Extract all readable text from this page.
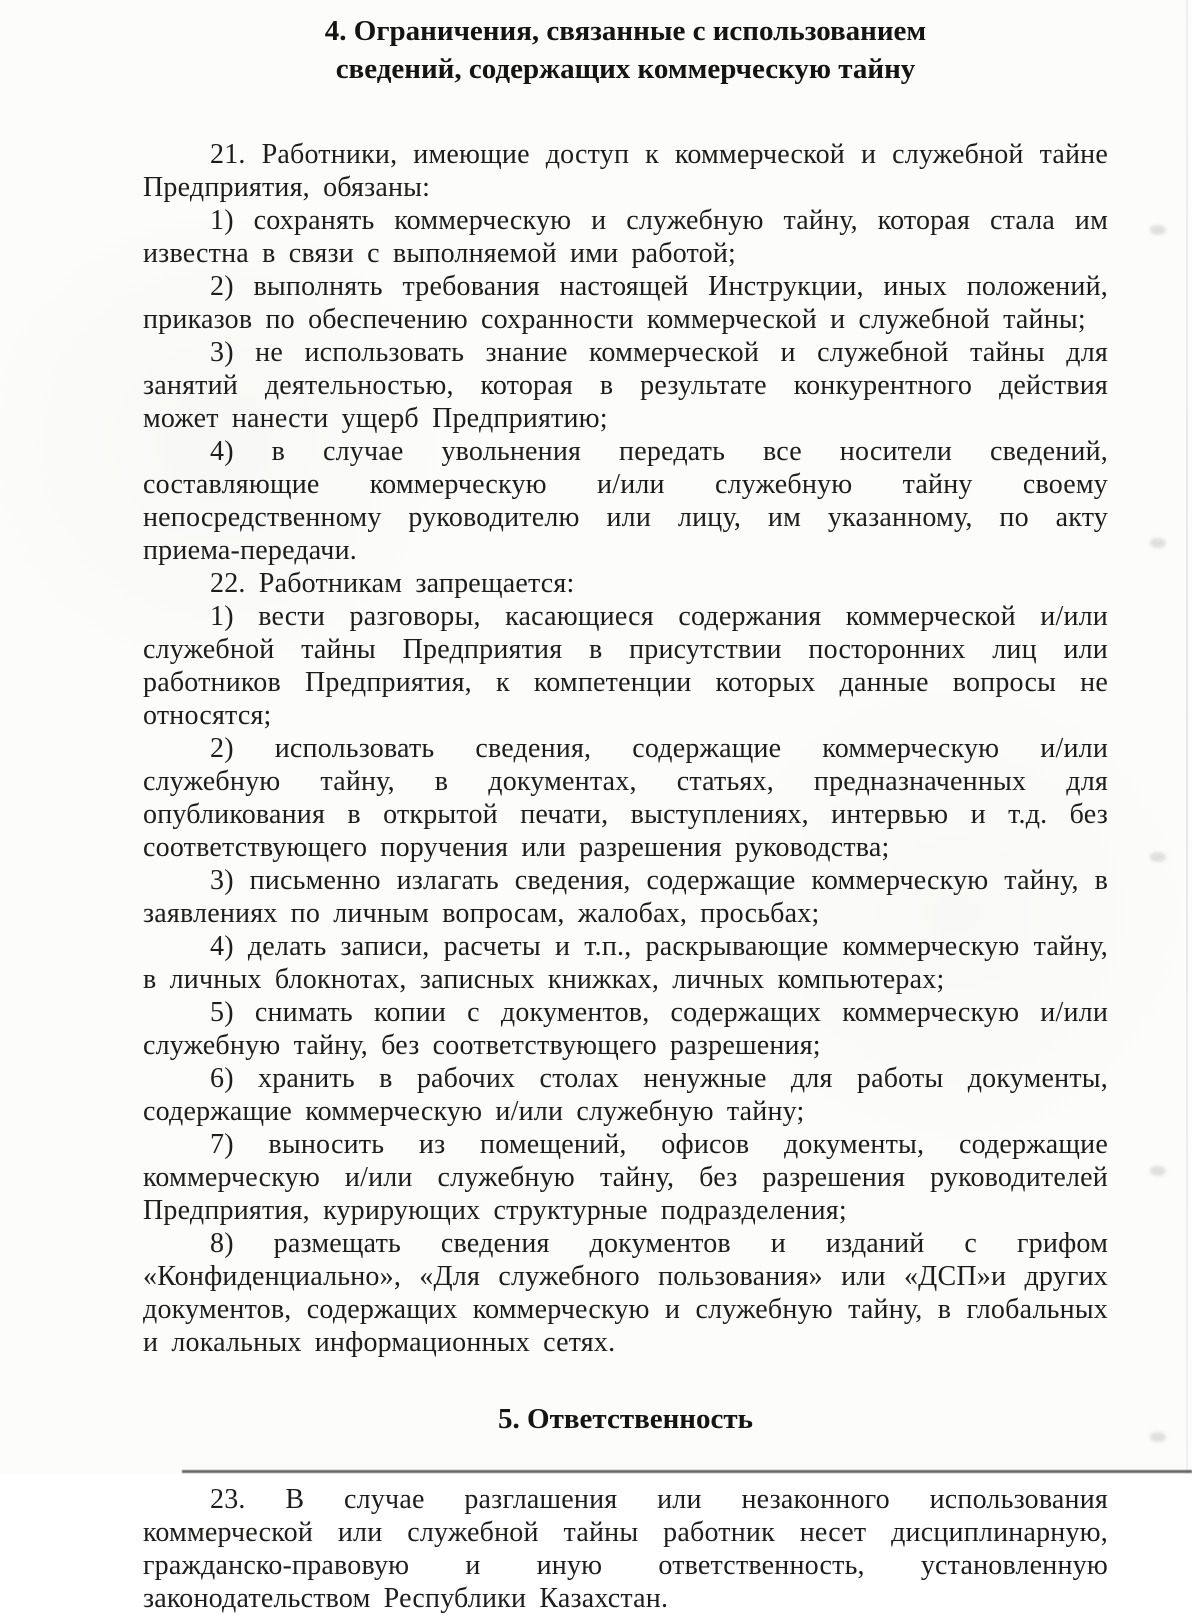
4. Ограничения, связанные с использованием
сведений, содержащих коммерческую тайну

21. Работники, имеющие доступ к коммерческой и служебной тайне Предприятия, обязаны:

1) сохранять коммерческую и служебную тайну, которая стала им известна в связи с выполняемой ими работой;

2) выполнять требования настоящей Инструкции, иных положений, приказов по обеспечению сохранности коммерческой и служебной тайны;

3) не использовать знание коммерческой и служебной тайны для занятий деятельностью, которая в результате конкурентного действия может нанести ущерб Предприятию;

4) в случае увольнения передать все носители сведений, составляющие коммерческую и/или служебную тайну своему непосредственному руководителю или лицу, им указанному, по акту приема-передачи.

22. Работникам запрещается:

1) вести разговоры, касающиеся содержания коммерческой и/или служебной тайны Предприятия в присутствии посторонних лиц или работников Предприятия, к компетенции которых данные вопросы не относятся;

2) использовать сведения, содержащие коммерческую и/или служебную тайну, в документах, статьях, предназначенных для опубликования в открытой печати, выступлениях, интервью и т.д. без соответствующего поручения или разрешения руководства;

3) письменно излагать сведения, содержащие коммерческую тайну, в заявлениях по личным вопросам, жалобах, просьбах;

4) делать записи, расчеты и т.п., раскрывающие коммерческую тайну, в личных блокнотах, записных книжках, личных компьютерах;

5) снимать копии с документов, содержащих коммерческую и/или служебную тайну, без соответствующего разрешения;

6) хранить в рабочих столах ненужные для работы документы, содержащие коммерческую и/или служебную тайну;

7) выносить из помещений, офисов документы, содержащие коммерческую и/или служебную тайну, без разрешения руководителей Предприятия, курирующих структурные подразделения;

8) размещать сведения документов и изданий с грифом «Конфиденциально», «Для служебного пользования» или «ДСП»и других документов, содержащих коммерческую и служебную тайну, в глобальных и локальных информационных сетях.

5. Ответственность

23. В случае разглашения или незаконного использования коммерческой или служебной тайны работник несет дисциплинарную, гражданско-правовую и иную ответственность, установленную законодательством Республики Казахстан.
